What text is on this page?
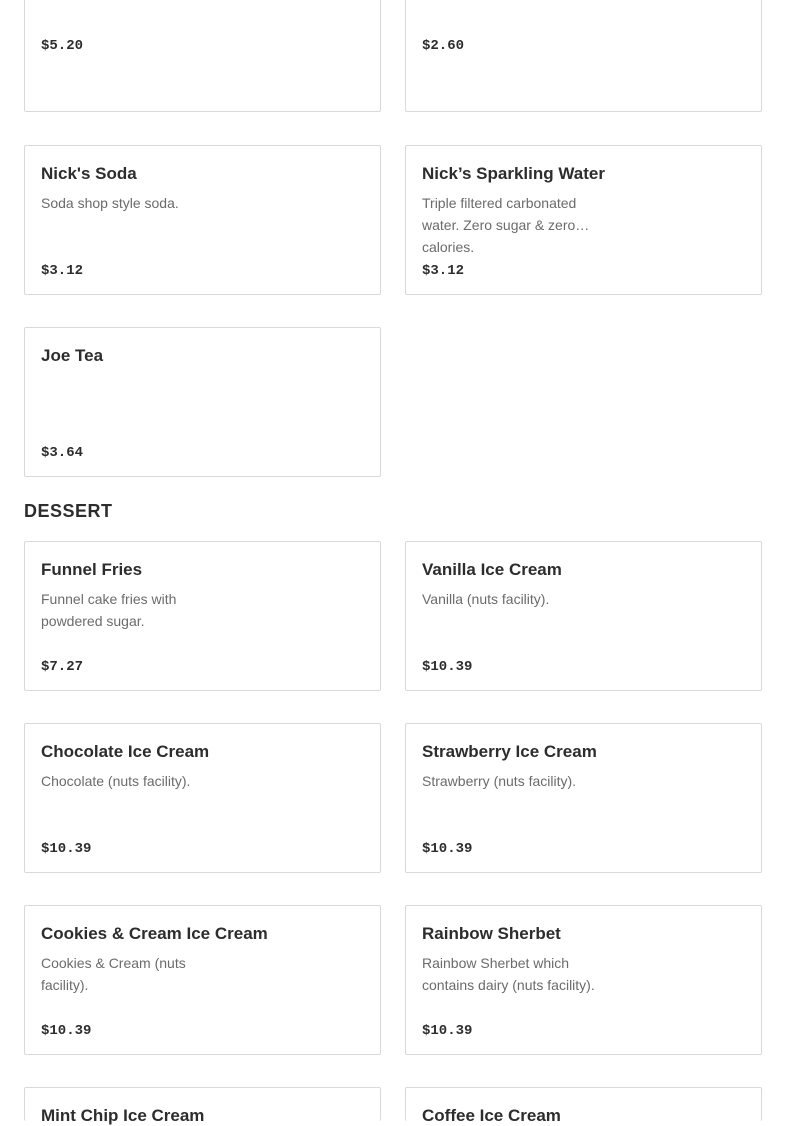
$5.20	$2.60
Nick's Soda
Soda shop style soda.
$3.12
Nick’s Sparkling Water
Triple filtered carbonated water. Zero sugar & zero calories.
$3.12
Joe Tea
$3.64
DESSERT
Funnel Fries
Funnel cake fries with powdered sugar.
$7.27
Vanilla Ice Cream
Vanilla (nuts facility).
$10.39
Chocolate Ice Cream
Chocolate (nuts facility).
$10.39
Strawberry Ice Cream
Strawberry (nuts facility).
$10.39
Cookies & Cream Ice Cream
Cookies & Cream (nuts facility).
$10.39
Rainbow Sherbet
Rainbow Sherbet which contains dairy (nuts facility).
$10.39
Mint Chip Ice Cream	Coffee Ice Cream
